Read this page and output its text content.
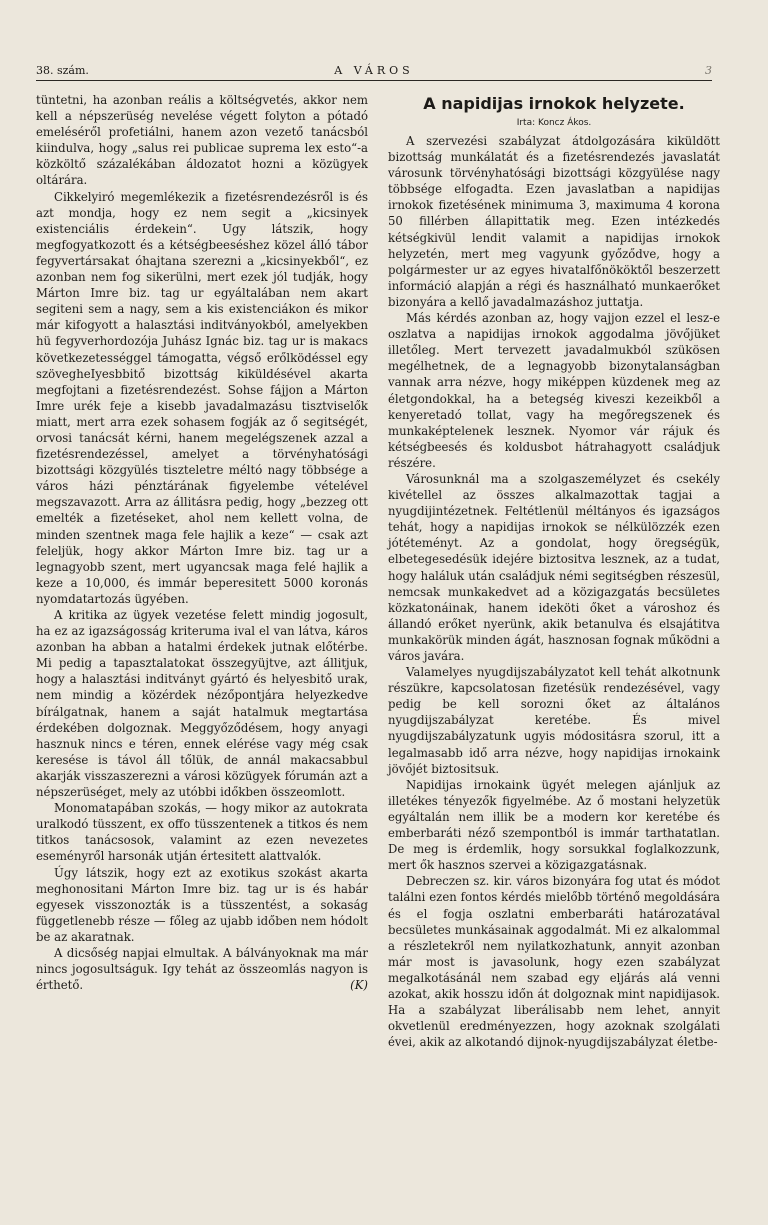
38. szám.	A VÁROS	3

tüntetni, ha azonban reális a költségvetés, akkor nem kell a népszerüség nevelése végett folyton a pótadó emeléséről profetiálni, hanem azon vezető tanácsból kiindulva, hogy „salus rei publicae suprema lex esto“-a közköltő százalékában áldozatot hozni a közügyek oltárára.

Cikkelyiró megemlékezik a fizetésrendezésről is és azt mondja, hogy ez nem segit a „kicsinyek existenciális érdekein“. Ugy látszik, hogy megfogyatkozott és a kétségbeeséshez közel álló tábor fegyvertársakat óhajtana szerezni a „kicsinyekből“, ez azonban nem fog sikerülni, mert ezek jól tudják, hogy Márton Imre biz. tag ur egyáltalában nem akart segiteni sem a nagy, sem a kis existenciákon és mikor már kifogyott a halasztási inditványokból, amelyekben hü fegyverhordozója Juhász Ignác biz. tag ur is makacs következetességgel támogatta, végső erőlködéssel egy szövegheIyesbbitő bizottság kiküldésével akarta megfojtani a fizetésrendezést. Sohse fájjon a Márton Imre urék feje a kisebb javadalmazásu tisztviselők miatt, mert arra ezek sohasem fogják az ő segitségét, orvosi tanácsát kérni, hanem megelégszenek azzal a fizetésrendezéssel, amelyet a törvényhatósági bizottsági közgyülés tiszteletre méltó nagy többsége a város házi pénztárának figyelembe vételével megszavazott. Arra az állitásra pedig, hogy „bezzeg ott emelték a fizetéseket, ahol nem kellett volna, de minden szentnek maga fele hajlik a keze“ — csak azt feleljük, hogy akkor Márton Imre biz. tag ur a legnagyobb szent, mert ugyancsak maga felé hajlik a keze a 10,000, és immár beperesitett 5000 koronás nyomdatartozás ügyében.

A kritika az ügyek vezetése felett mindig jogosult, ha ez az igazságosság kriteruma ival el van látva, káros azonban ha abban a hatalmi érdekek jutnak előtérbe. Mi pedig a tapasztalatokat összegyüjtve, azt állitjuk, hogy a halasztási inditványt gyártó és helyesbitő urak, nem mindig a közérdek nézőpontjára helyezkedve bírálgatnak, hanem a saját hatalmuk megtartása érdekében dolgoznak. Meggyőződésem, hogy anyagi hasznuk nincs e téren, ennek elérése vagy még csak keresése is távol áll tőlük, de annál makacsabbul akarják visszaszerezni a városi közügyek fórumán azt a népszerüséget, mely az utóbbi időkben összeomlott.

Monomatapában szokás, — hogy mikor az autokrata uralkodó tüsszent, ex offo tüsszentenek a titkos és nem titkos tanácsosok, valamint az ezen nevezetes eseményről harsonák utján értesitett alattvalók.

Úgy látszik, hogy ezt az exotikus szokást akarta meghonositani Márton Imre biz. tag ur is és habár egyesek visszonozták is a tüsszentést, a sokaság függetlenebb része — főleg az ujabb időben nem hódolt be az akaratnak.

A dicsőség napjai elmultak. A bálványoknak ma már nincs jogosultságuk. Igy tehát az összeomlás nagyon is érthető.	(K)

A napidijas irnokok helyzete.
Irta: Koncz Ákos.

A szervezési szabályzat átdolgozására kiküldött bizottság munkálatát és a fizetésrendezés javaslatát városunk törvényhatósági bizottsági közgyülése nagy többsége elfogadta. Ezen javaslatban a napidijas irnokok fizetésének minimuma 3, maximuma 4 korona 50 fillérben állapittatik meg. Ezen intézkedés kétségkivül lendit valamit a napidijas irnokok helyzetén, mert meg vagyunk győződve, hogy a polgármester ur az egyes hivatalfőnököktől beszerzett információ alapján a régi és használható munkaerőket bizonyára a kellő javadalmazáshoz juttatja.

Más kérdés azonban az, hogy vajjon ezzel el lesz-e oszlatva a napidijas irnokok aggodalma jövőjüket illetőleg. Mert tervezett javadalmukból szükösen megélhetnek, de a legnagyobb bizonytalanságban vannak arra nézve, hogy miképpen küzdenek meg az életgondokkal, ha a betegség kiveszi kezeikből a kenyeretadó tollat, vagy ha megőregszenek és munkaképtelenek lesznek. Nyomor vár rájuk és kétségbeesés és koldusbot hátrahagyott családjuk részére.

Városunknál ma a szolgaszemélyzet és csekély kivétellel az összes alkalmazottak tagjai a nyugdijintézetnek. Feltétlenül méltányos és igazságos tehát, hogy a napidijas irnokok se nélkülözzék ezen jótéteményt. Az a gondolat, hogy öregségük, elbetegesedésük idejére biztositva lesznek, az a tudat, hogy haláluk után családjuk némi segitségben részesül, nemcsak munkakedvet ad a közigazgatás becsületes közkatonáinak, hanem ideköti őket a városhoz és állandó erőket nyerünk, akik betanulva és elsajátitva munkakörük minden ágát, hasznosan fognak működni a város javára.

Valamelyes nyugdijszabályzatot kell tehát alkotnunk részükre, kapcsolatosan fizetésük rendezésével, vagy pedig be kell sorozni őket az általános nyugdijszabályzat keretébe. És mivel nyugdijszabályzatunk ugyis módositásra szorul, itt a legalmasabb idő arra nézve, hogy napidijas irnokaink jövőjét biztositsuk.

Napidijas irnokaink ügyét melegen ajánljuk az illetékes tényezők figyelmébe. Az ő mostani helyzetük egyáltalán nem illik be a modern kor keretébe és emberbaráti néző szempontból is immár tarthatatlan. De meg is érdemlik, hogy sorsukkal foglalkozzunk, mert ők hasznos szervei a közigazgatásnak.

Debreczen sz. kir. város bizonyára fog utat és módot találni ezen fontos kérdés mielőbb történő megoldására és el fogja oszlatni emberbaráti határozatával becsületes munkásainak aggodalmát. Mi ez alkalommal a részletekről nem nyilatkozhatunk, annyit azonban már most is javasolunk, hogy ezen szabályzat megalkotásánál nem szabad egy eljárás alá venni azokat, akik hosszu időn át dolgoznak mint napidijasok. Ha a szabályzat liberálisabb nem lehet, annyit okvetlenül eredményezzen, hogy azoknak szolgálati évei, akik az alkotandó dijnok-nyugdijszabályzat életbe-
